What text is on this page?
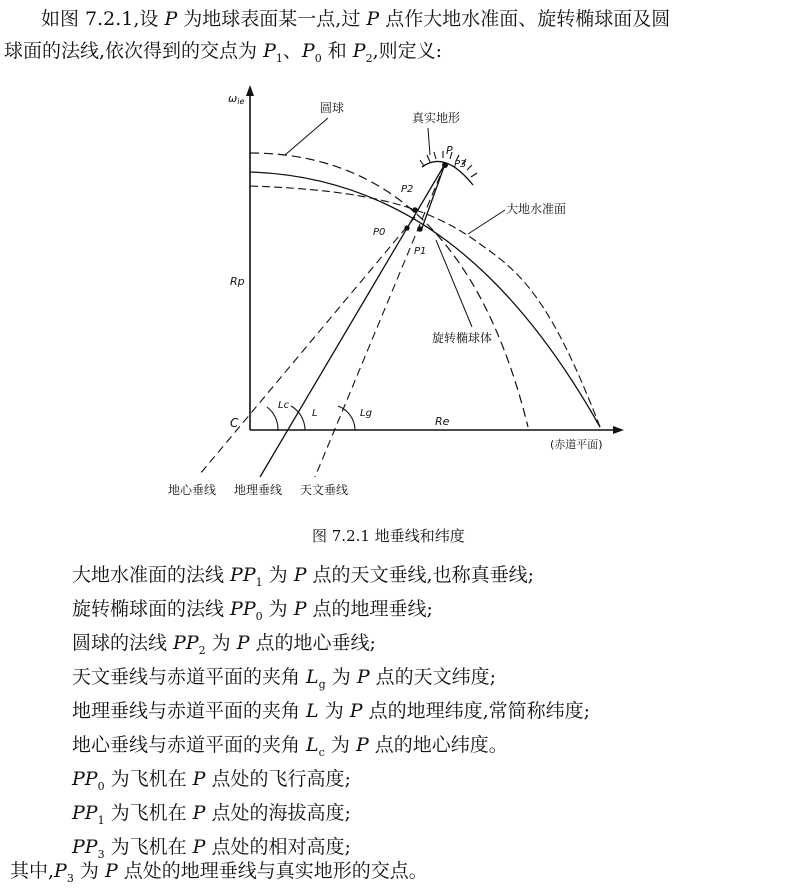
如图 7.2.1,设 P 为地球表面某一点,过 P 点作大地水准面、旋转椭球面及圆
球面的法线,依次得到的交点为 $P_1$、$P_0$ 和 $P_2$,则定义:
ωie	圆球
真实地形
P
P3
P2
P0
P1
大地水准面
旋转椭球体
Rp
Re
C
Lc
L	Lg
(赤道平面)
地心垂线 地理垂线 天文垂线
图 7.2.1 地垂线和纬度
大地水准面的法线 $PP_1$ 为 P 点的天文垂线,也称真垂线;
旋转椭球面的法线 $PP_0$ 为 P 点的地理垂线;
圆球的法线 $PP_2$ 为 P 点的地心垂线;
天文垂线与赤道平面的夹角 $L_g$ 为 P 点的天文纬度;
地理垂线与赤道平面的夹角 L 为 P 点的地理纬度,常简称纬度;
地心垂线与赤道平面的夹角 $L_c$ 为 P 点的地心纬度。
$PP_0$ 为飞机在 P 点处的飞行高度;
$PP_1$ 为飞机在 P 点处的海拔高度;
$PP_3$ 为飞机在 P 点处的相对高度;
其中$,P_3$ 为 P 点处的地理垂线与真实地形的交点。
